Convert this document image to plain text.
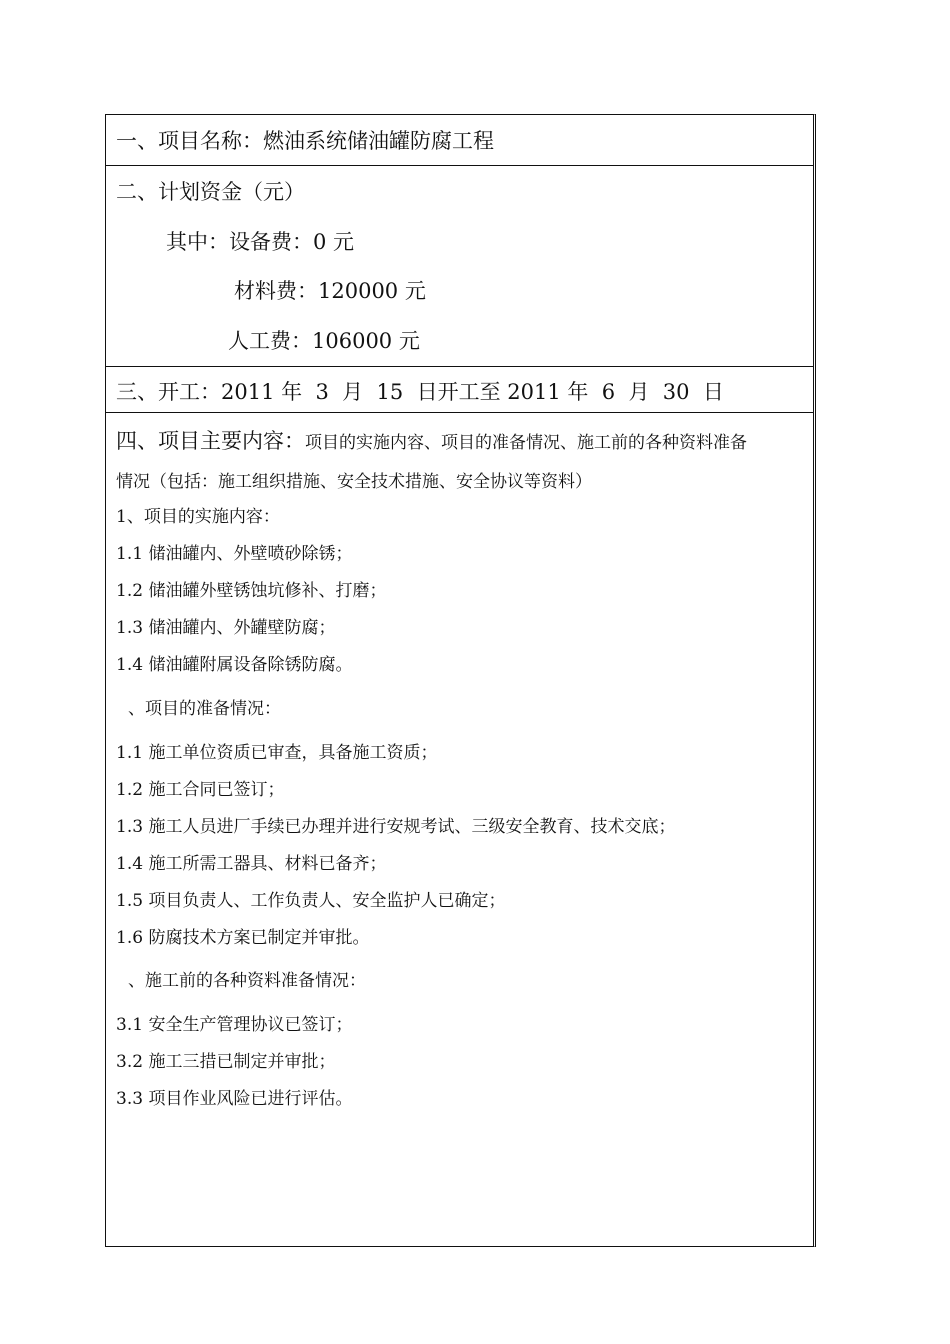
一、项目名称：燃油系统储油罐防腐工程
二、计划资金（元）
其中：设备费：0 元
材料费：120000 元
人工费：106000 元
三、开工：2011 年  3  月  15  日开工至 2011 年  6  月  30  日
四、项目主要内容：项目的实施内容、项目的准备情况、施工前的各种资料准备
情况（包括：施工组织措施、安全技术措施、安全协议等资料）
1、项目的实施内容：
1.1 储油罐内、外壁喷砂除锈；
1.2 储油罐外壁锈蚀坑修补、打磨；
1.3 储油罐内、外罐壁防腐；
1.4 储油罐附属设备除锈防腐。
、项目的准备情况：
1.1 施工单位资质已审查，具备施工资质；
1.2 施工合同已签订；
1.3 施工人员进厂手续已办理并进行安规考试、三级安全教育、技术交底；
1.4 施工所需工器具、材料已备齐；
1.5 项目负责人、工作负责人、安全监护人已确定；
1.6 防腐技术方案已制定并审批。
、施工前的各种资料准备情况：
3.1 安全生产管理协议已签订；
3.2 施工三措已制定并审批；
3.3 项目作业风险已进行评估。
